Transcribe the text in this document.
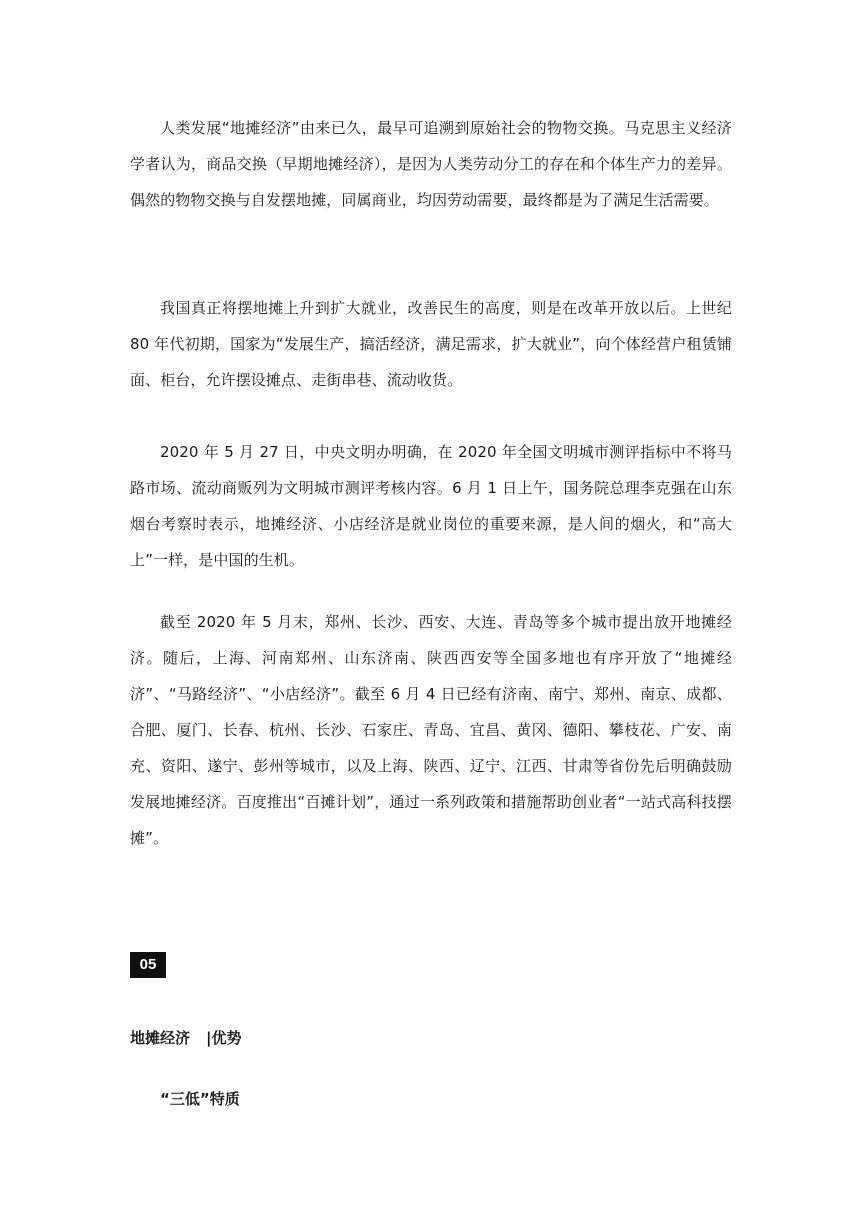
人类发展“地摊经济”由来已久，最早可追溯到原始社会的物物交换。马克思主义经济学者认为，商品交换（早期地摊经济），是因为人类劳动分工的存在和个体生产力的差异。偶然的物物交换与自发摆地摊，同属商业，均因劳动需要，最终都是为了满足生活需要。

我国真正将摆地摊上升到扩大就业，改善民生的高度，则是在改革开放以后。上世纪 80 年代初期，国家为“发展生产，搞活经济，满足需求，扩大就业”，向个体经营户租赁铺面、柜台，允许摆设摊点、走街串巷、流动收货。

2020 年 5 月 27 日，中央文明办明确，在 2020 年全国文明城市测评指标中不将马路市场、流动商贩列为文明城市测评考核内容。6 月 1 日上午，国务院总理李克强在山东烟台考察时表示，地摊经济、小店经济是就业岗位的重要来源，是人间的烟火，和“高大上”一样，是中国的生机。

截至 2020 年 5 月末，郑州、长沙、西安、大连、青岛等多个城市提出放开地摊经济。随后，上海、河南郑州、山东济南、陕西西安等全国多地也有序开放了“地摊经济”、“马路经济”、“小店经济”。截至 6 月 4 日已经有济南、南宁、郑州、南京、成都、合肥、厦门、长春、杭州、长沙、石家庄、青岛、宜昌、黄冈、德阳、攀枝花、广安、南充、资阳、遂宁、彭州等城市，以及上海、陕西、辽宁、江西、甘肃等省份先后明确鼓励发展地摊经济。百度推出“百摊计划”，通过一系列政策和措施帮助创业者“一站式高科技摆摊”。

05
地摊经济 |优势
“三低”特质
